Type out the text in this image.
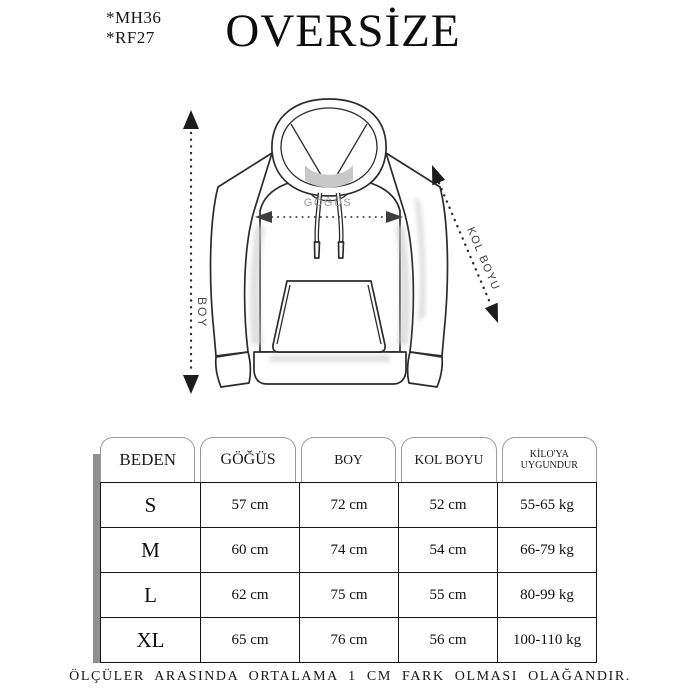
*MH36
*RF27	OVERSİZE
BOY
GÖĞÜS
KOL BOYU
BEDEN	GÖĞÜS	BOY	KOL BOYU	KİLO'YA UYGUNDUR
S	57 cm	72 cm	52 cm	55-65 kg
M	60 cm	74 cm	54 cm	66-79 kg
L	62 cm	75 cm	55 cm	80-99 kg
XL	65 cm	76 cm	56 cm	100-110 kg
ÖLÇÜLER ARASINDA ORTALAMA 1 CM FARK OLMASI OLAĞANDIR.
